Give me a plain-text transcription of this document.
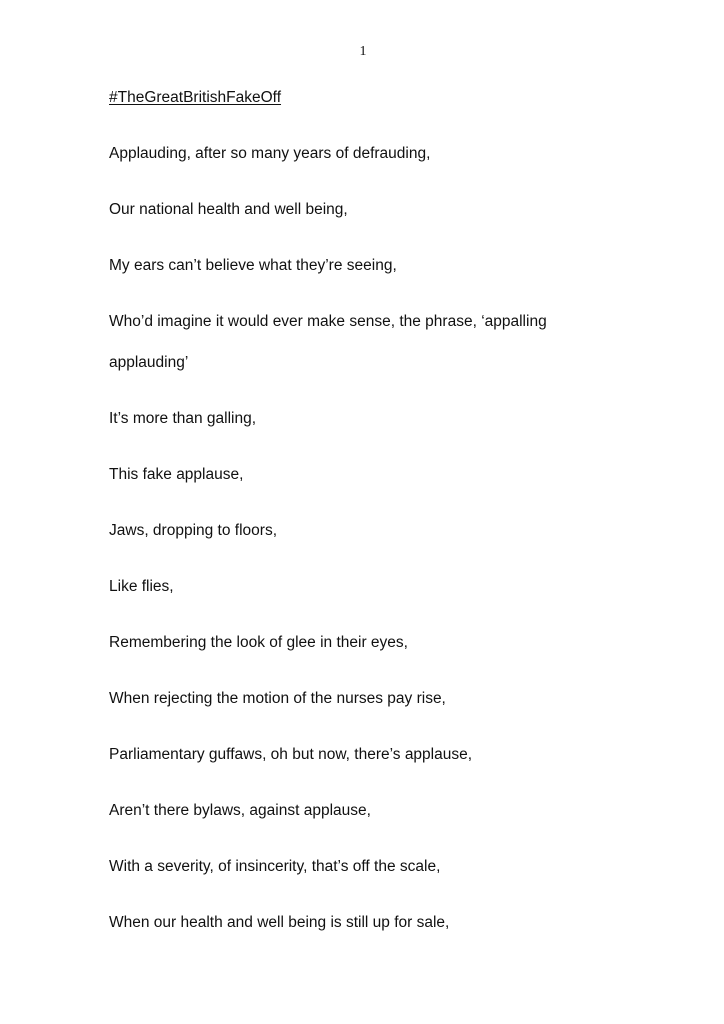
1
#TheGreatBritishFakeOff
Applauding, after so many years of defrauding,
Our national health and well being,
My ears can’t believe what they’re seeing,
Who’d imagine it would ever make sense, the phrase, ‘appalling
applauding’
It’s more than galling,
This fake applause,
Jaws, dropping to floors,
Like flies,
Remembering the look of glee in their eyes,
When rejecting the motion of the nurses pay rise,
Parliamentary guffaws, oh but now, there’s applause,
Aren’t there bylaws, against applause,
With a severity, of insincerity, that’s off the scale,
When our health and well being is still up for sale,
